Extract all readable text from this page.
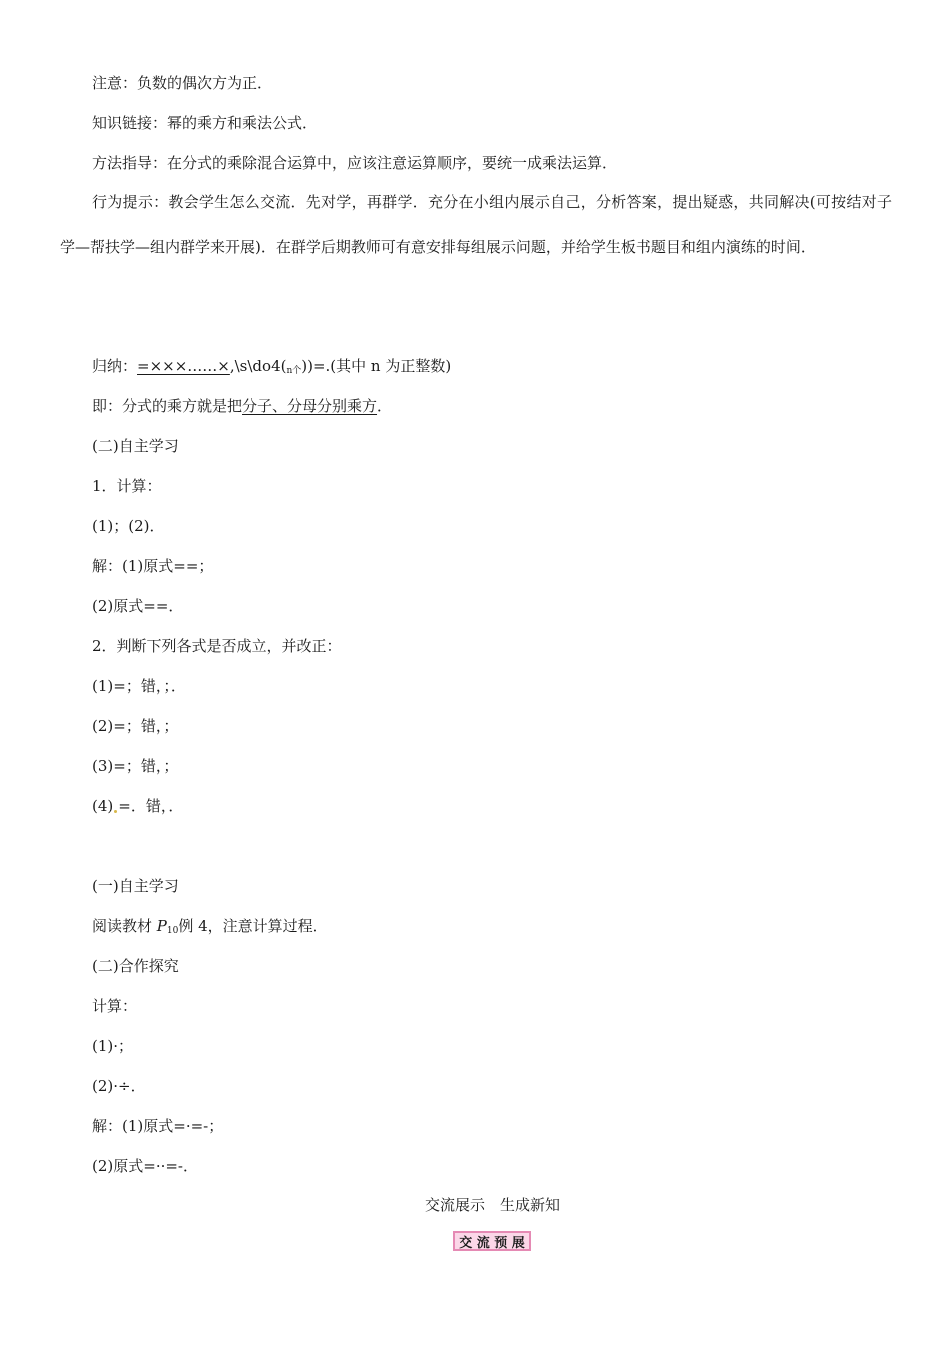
注意：负数的偶次方为正．
知识链接：幂的乘方和乘法公式．
方法指导：在分式的乘除混合运算中，应该注意运算顺序，要统一成乘法运算．
行为提示：教会学生怎么交流．先对学，再群学．充分在小组内展示自己，分析答案，提出疑惑，共同解决(可按结对子学—帮扶学—组内群学来开展)．在群学后期教师可有意安排每组展示问题，并给学生板书题目和组内演练的时间．
归纳：$=\times\times\times\dots\dots\times,\backslash s\backslash do4(_{n个}))=$.(其中 n 为正整数)
即：分式的乘方就是把分子、分母分别乘方．
(二)自主学习
1．计算：
(1)；(2)．
解：(1)原式==；
(2)原式==．
2．判断下列各式是否成立，并改正：
(1)=；错，；．
(2)=；错，；
(3)=；错，；
(4) =．错，．
(一)自主学习
阅读教材 $P_{10}$例 4，注意计算过程．
(二)合作探究
计算：
(1)·；
(2)·÷．
解：(1)原式=·=-；
(2)原式=··=-．
交流展示　生成新知
交 流 预 展
